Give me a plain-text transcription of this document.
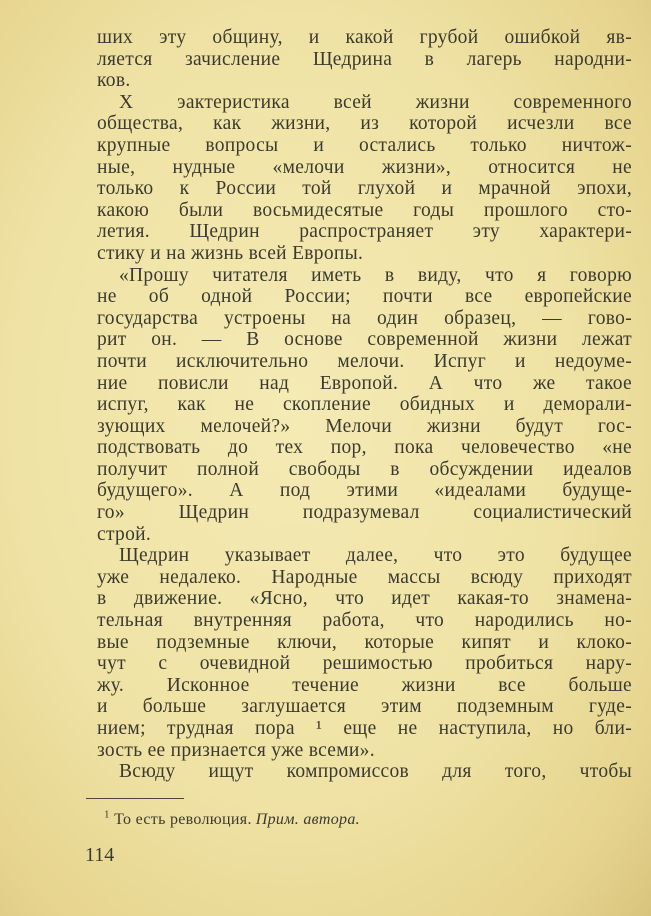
ших эту общину, и какой грубой ошибкой яв-
ляется зачисление Щедрина в лагерь народни-
ков.
Х эактеристика всей жизни современного
общества, как жизни, из которой исчезли все
крупные вопросы и остались только ничтож-
ные, нудные «мелочи жизни», относится не
только к России той глухой и мрачной эпохи,
какою были восьмидесятые годы прошлого сто-
летия. Щедрин распространяет эту характери-
стику и на жизнь всей Европы.
«Прошу читателя иметь в виду, что я говорю
не об одной России; почти все европейские
государства устроены на один образец, — гово-
рит он. — В основе современной жизни лежат
почти исключительно мелочи. Испуг и недоуме-
ние повисли над Европой. А что же такое
испуг, как не скопление обидных и деморали-
зующих мелочей?» Мелочи жизни будут гос-
подствовать до тех пор, пока человечество «не
получит полной свободы в обсуждении идеалов
будущего». А под этими «идеалами будуще-
го» Щедрин подразумевал социалистический
строй.
Щедрин указывает далее, что это будущее
уже недалеко. Народные массы всюду приходят
в движение. «Ясно, что идет какая-то знамена-
тельная внутренняя работа, что народились но-
вые подземные ключи, которые кипят и клоко-
чут с очевидной решимостью пробиться нару-
жу. Исконное течение жизни все больше
и больше заглушается этим подземным гуде-
нием; трудная пора ¹ еще не наступила, но бли-
зость ее признается уже всеми».
Всюду ищут компромиссов для того, чтобы
$^1$ То есть революция. Прим. автора.
114
